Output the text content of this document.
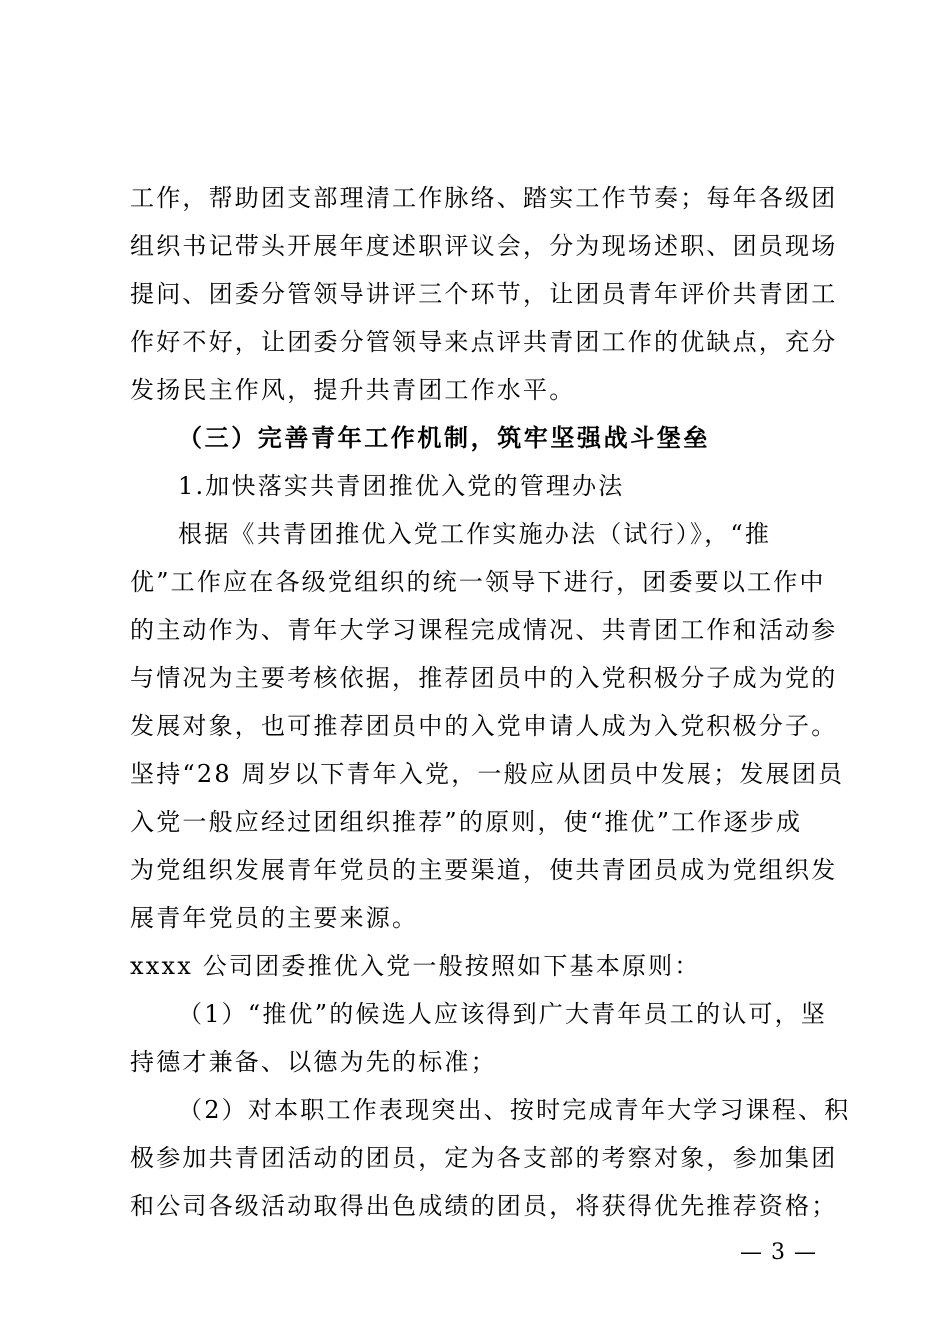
工作，帮助团支部理清工作脉络、踏实工作节奏；每年各级团
组织书记带头开展年度述职评议会，分为现场述职、团员现场
提问、团委分管领导讲评三个环节，让团员青年评价共青团工
作好不好，让团委分管领导来点评共青团工作的优缺点，充分
发扬民主作风，提升共青团工作水平。
（三）完善青年工作机制，筑牢坚强战斗堡垒
1.加快落实共青团推优入党的管理办法
根据《共青团推优入党工作实施办法（试行）》，“推
优”工作应在各级党组织的统一领导下进行，团委要以工作中
的主动作为、青年大学习课程完成情况、共青团工作和活动参
与情况为主要考核依据，推荐团员中的入党积极分子成为党的
发展对象，也可推荐团员中的入党申请人成为入党积极分子。
坚持“28 周岁以下青年入党，一般应从团员中发展；发展团员
入党一般应经过团组织推荐”的原则，使“推优”工作逐步成
为党组织发展青年党员的主要渠道，使共青团员成为党组织发
展青年党员的主要来源。
xxxx 公司团委推优入党一般按照如下基本原则：
（1）“推优”的候选人应该得到广大青年员工的认可，坚
持德才兼备、以德为先的标准；
（2）对本职工作表现突出、按时完成青年大学习课程、积
极参加共青团活动的团员，定为各支部的考察对象，参加集团
和公司各级活动取得出色成绩的团员，将获得优先推荐资格；
— 3 —
